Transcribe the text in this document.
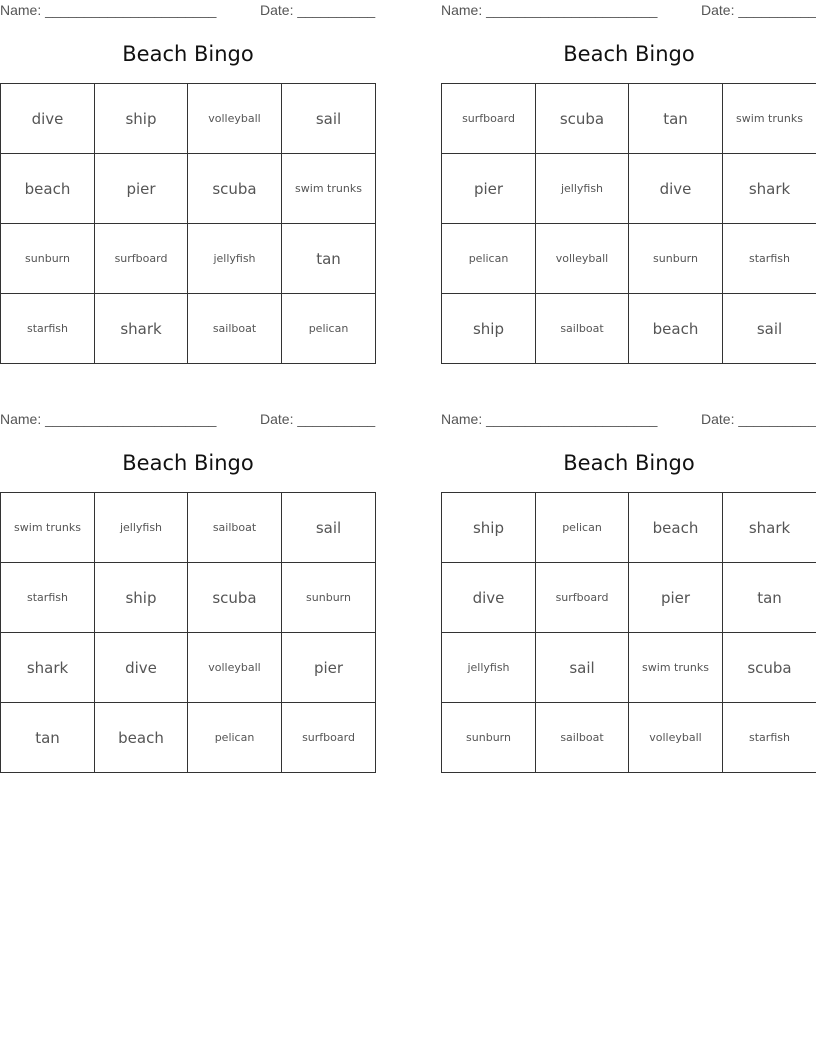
Name: ______________________	Date: __________
Beach Bingo
dive	ship	volleyball	sail
beach	pier	scuba	swim trunks
sunburn	surfboard	jellyfish	tan
starfish	shark	sailboat	pelican
Name: ______________________	Date: __________
Beach Bingo
surfboard	scuba	tan	swim trunks
pier	jellyfish	dive	shark
pelican	volleyball	sunburn	starfish
ship	sailboat	beach	sail
Name: ______________________	Date: __________
Beach Bingo
swim trunks	jellyfish	sailboat	sail
starfish	ship	scuba	sunburn
shark	dive	volleyball	pier
tan	beach	pelican	surfboard
Name: ______________________	Date: __________
Beach Bingo
ship	pelican	beach	shark
dive	surfboard	pier	tan
jellyfish	sail	swim trunks	scuba
sunburn	sailboat	volleyball	starfish
